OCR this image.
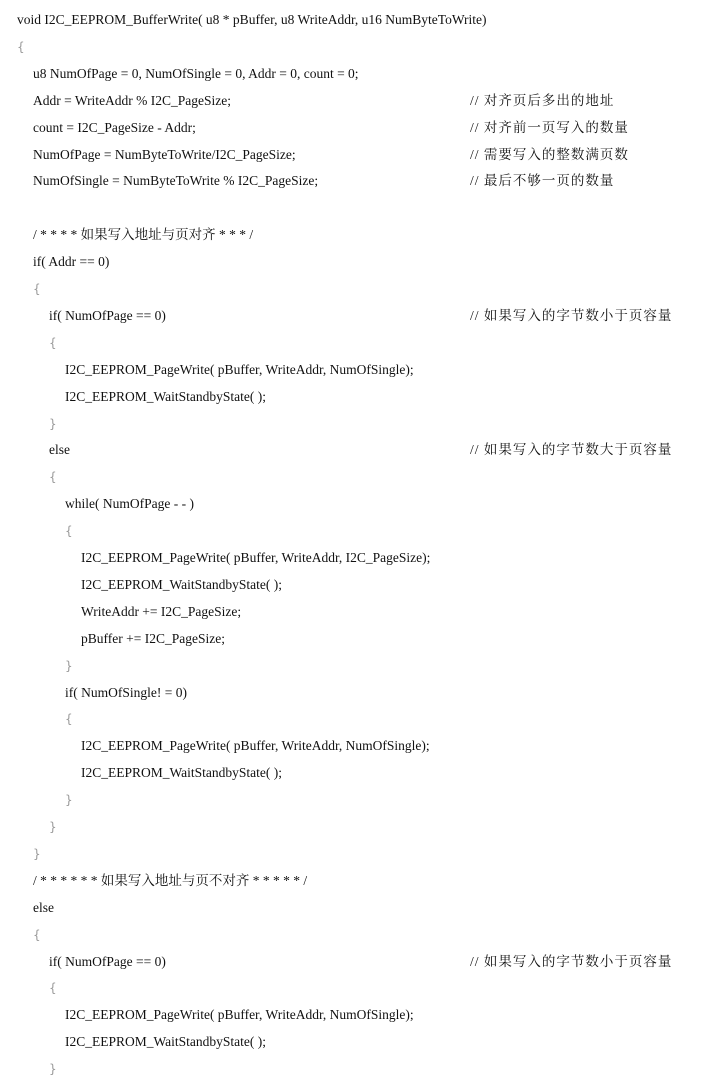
void I2C_EEPROM_BufferWrite( u8 * pBuffer, u8 WriteAddr, u16 NumByteToWrite)
{
u8 NumOfPage = 0, NumOfSingle = 0, Addr = 0, count = 0;
Addr = WriteAddr % I2C_PageSize;	// 对齐页后多出的地址
count = I2C_PageSize - Addr;	// 对齐前一页写入的数量
NumOfPage = NumByteToWrite/I2C_PageSize;	// 需要写入的整数满页数
NumOfSingle = NumByteToWrite % I2C_PageSize;	// 最后不够一页的数量
/ * * * * 如果写入地址与页对齐 * * * /
if( Addr == 0)
{
if( NumOfPage == 0)	// 如果写入的字节数小于页容量
{
I2C_EEPROM_PageWrite( pBuffer, WriteAddr, NumOfSingle);
I2C_EEPROM_WaitStandbyState( );
}
else	// 如果写入的字节数大于页容量
{
while( NumOfPage - - )
{
I2C_EEPROM_PageWrite( pBuffer, WriteAddr, I2C_PageSize);
I2C_EEPROM_WaitStandbyState( );
WriteAddr += I2C_PageSize;
pBuffer += I2C_PageSize;
}
if( NumOfSingle! = 0)
{
I2C_EEPROM_PageWrite( pBuffer, WriteAddr, NumOfSingle);
I2C_EEPROM_WaitStandbyState( );
}
}
}
/ * * * * * * 如果写入地址与页不对齐 * * * * * /
else
{
if( NumOfPage == 0)	// 如果写入的字节数小于页容量
{
I2C_EEPROM_PageWrite( pBuffer, WriteAddr, NumOfSingle);
I2C_EEPROM_WaitStandbyState( );
}
